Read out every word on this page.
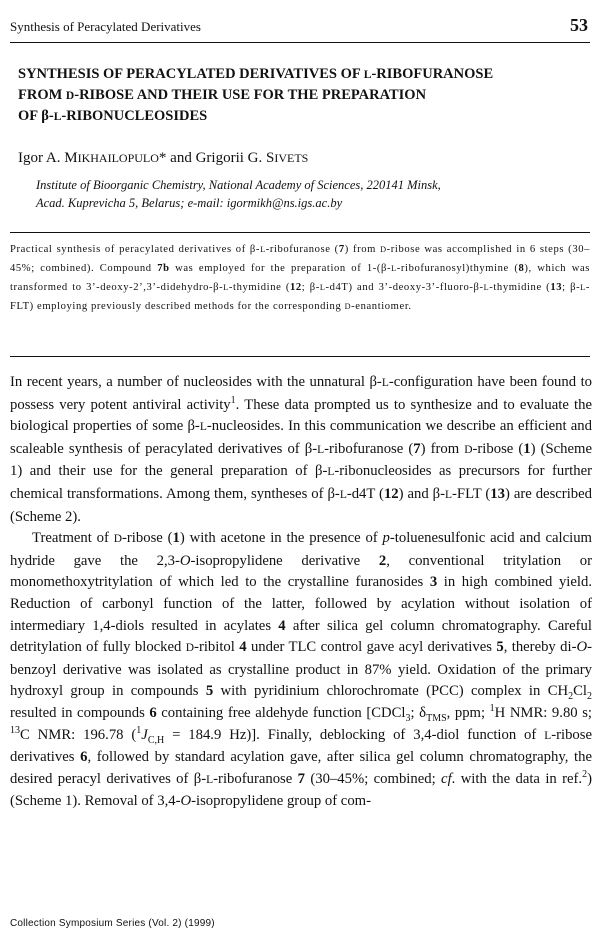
Synthesis of Peracylated Derivatives	53
SYNTHESIS OF PERACYLATED DERIVATIVES OF L-RIBOFURANOSE
FROM D-RIBOSE AND THEIR USE FOR THE PREPARATION
OF β-L-RIBONUCLEOSIDES
Igor A. MIKHAILOPULO* and Grigorii G. SIVETS
Institute of Bioorganic Chemistry, National Academy of Sciences, 220141 Minsk,
Acad. Kuprevicha 5, Belarus; e-mail: igormikh@ns.igs.ac.by

Practical synthesis of peracylated derivatives of β-L-ribofuranose (7) from D-ribose was accomplished in 6 steps (30–45%; combined). Compound 7b was employed for the preparation of 1-(β-L-ribofuranosyl)thymine (8), which was transformed to 3’-deoxy-2’,3’-didehydro-β-L-thymidine (12; β-L-d4T) and 3’-deoxy-3’-fluoro-β-L-thymidine (13; β-L-FLT) employing previously described methods for the corresponding D-enantiomer.

In recent years, a number of nucleosides with the unnatural β-L-configuration have been found to possess very potent antiviral activity$^1$. These data prompted us to synthesize and to evaluate the biological properties of some β-L-nucleosides. In this communication we describe an efficient and scaleable synthesis of peracylated derivatives of β-L-ribofuranose (7) from D-ribose (1) (Scheme 1) and their use for the general preparation of β-L-ribonucleosides as precursors for further chemical transformations. Among them, syntheses of β-L-d4T (12) and β-L-FLT (13) are described (Scheme 2).

Treatment of D-ribose (1) with acetone in the presence of p-toluenesulfonic acid and calcium hydride gave the 2,3-O-isopropylidene derivative 2, conventional tritylation or monomethoxytritylation of which led to the crystalline furanosides 3 in high combined yield. Reduction of carbonyl function of the latter, followed by acylation without isolation of intermediary 1,4-diols resulted in acylates 4 after silica gel column chromatography. Careful detritylation of fully blocked D-ribitol 4 under TLC control gave acyl derivatives 5, thereby di-O-benzoyl derivative was isolated as crystalline product in 87% yield. Oxidation of the primary hydroxyl group in compounds 5 with pyridinium chlorochromate (PCC) complex in $CH_2Cl_2$ resulted in compounds 6 containing free aldehyde function [CDCl$_3$; $\delta_{TMS}$, ppm; $^1$H NMR: 9.80 s; $^{13}$C NMR: 196.78 ($^1J_{C,H} = 184.9$ Hz)]. Finally, deblocking of 3,4-diol function of L-ribose derivatives 6, followed by standard acylation gave, after silica gel column chromatography, the desired peracyl derivatives of β-L-ribofuranose 7 (30–45%; combined; cf. with the data in ref.$^2$) (Scheme 1). Removal of 3,4-O-isopropylidene group of com-

Collection Symposium Series (Vol. 2) (1999)
